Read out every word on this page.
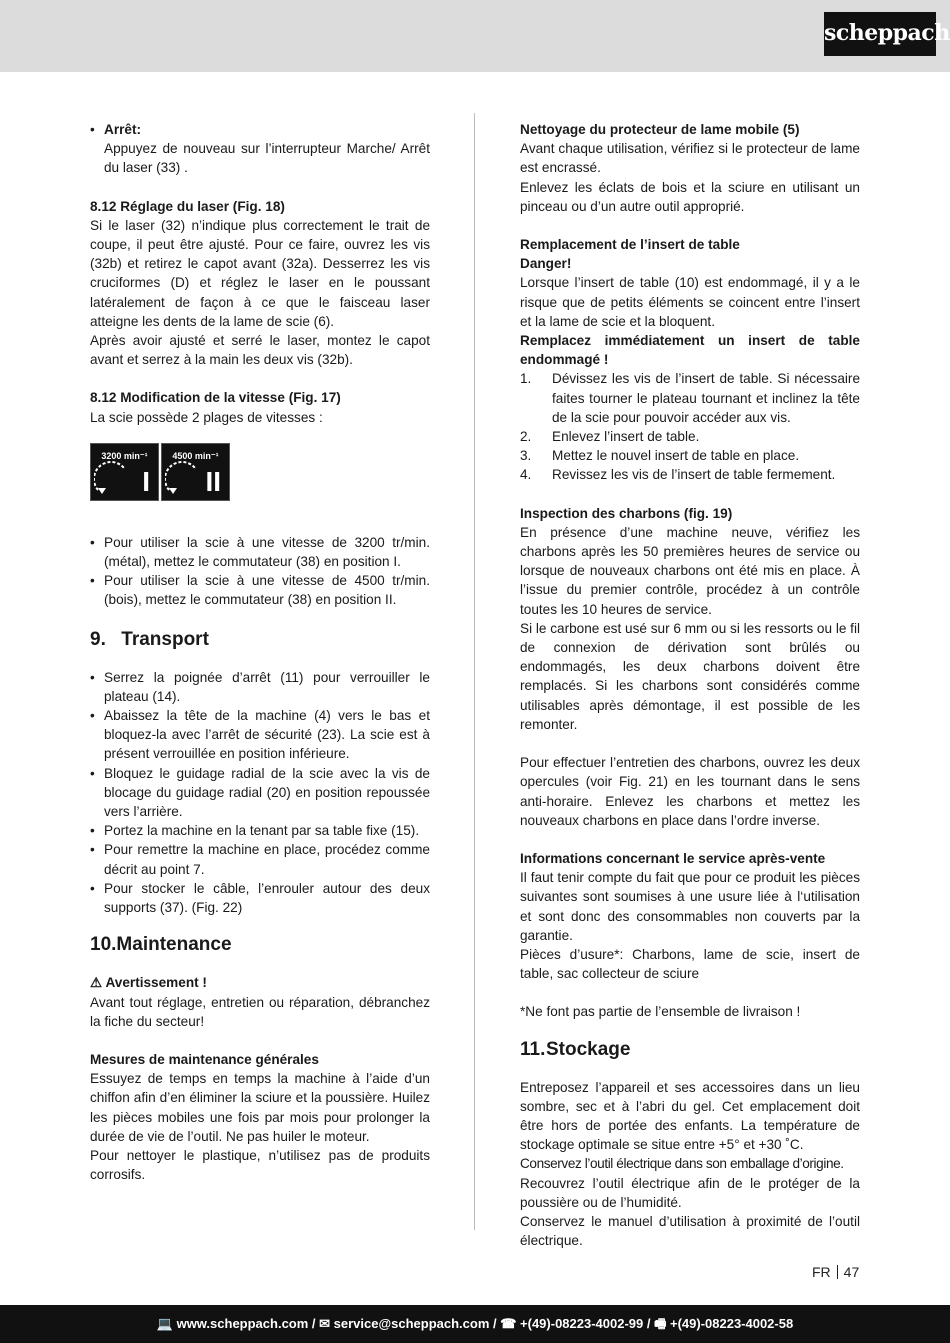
scheppach
• Arrêt:

Appuyez de nouveau sur l’interrupteur Marche/ Arrêt du laser (33) .

8.12 Réglage du laser (Fig. 18)

Si le laser (32) n’indique plus correctement le trait de coupe, il peut être ajusté. Pour ce faire, ouvrez les vis (32b) et retirez le capot avant (32a). Desserrez les vis cruciformes (D) et réglez le laser en le poussant latéralement de façon à ce que le faisceau laser atteigne les dents de la lame de scie (6).

Après avoir ajusté et serré le laser, montez le capot avant et serrez à la main les deux vis (32b).

8.12 Modification de la vitesse (Fig. 17)

La scie possède 2 plages de vitesses :

3200 min⁻¹
I
4500 min⁻¹
II
• Pour utiliser la scie à une vitesse de 3200 tr/min. (métal), mettez le commutateur (38) en position I.
• Pour utiliser la scie à une vitesse de 4500 tr/min. (bois), mettez le commutateur (38) en position II.
9. Transport
• Serrez la poignée d’arrêt (11) pour verrouiller le plateau (14).
• Abaissez la tête de la machine (4) vers le bas et bloquez-la avec l’arrêt de sécurité (23). La scie est à présent verrouillée en position inférieure.
• Bloquez le guidage radial de la scie avec la vis de blocage du guidage radial (20) en position repoussée vers l’arrière.
• Portez la machine en la tenant par sa table fixe (15).
• Pour remettre la machine en place, procédez comme décrit au point 7.
• Pour stocker le câble, l’enrouler autour des deux supports (37). (Fig. 22)
10.Maintenance

⚠ Avertissement !

Avant tout réglage, entretien ou réparation, débranchez la fiche du secteur!

Mesures de maintenance générales

Essuyez de temps en temps la machine à l’aide d’un chiffon afin d’en éliminer la sciure et la poussière. Huilez les pièces mobiles une fois par mois pour prolonger la durée de vie de l’outil. Ne pas huiler le moteur.

Pour nettoyer le plastique, n’utilisez pas de produits corrosifs.

Nettoyage du protecteur de lame mobile (5)

Avant chaque utilisation, vérifiez si le protecteur de lame est encrassé.

Enlevez les éclats de bois et la sciure en utilisant un pinceau ou d’un autre outil approprié.

Remplacement de l’insert de table

Danger!

Lorsque l’insert de table (10) est endommagé, il y a le risque que de petits éléments se coincent entre l’insert et la lame de scie et la bloquent.

Remplacez immédiatement un insert de table endommagé !

1. Dévissez les vis de l’insert de table. Si nécessaire faites tourner le plateau tournant et inclinez la tête de la scie pour pouvoir accéder aux vis.
2. Enlevez l’insert de table.
3. Mettez le nouvel insert de table en place.
4. Revissez les vis de l’insert de table fermement.

Inspection des charbons (fig. 19)

En présence d’une machine neuve, vérifiez les charbons après les 50 premières heures de service ou lorsque de nouveaux charbons ont été mis en place. À l’issue du premier contrôle, procédez à un contrôle toutes les 10 heures de service.

Si le carbone est usé sur 6 mm ou si les ressorts ou le fil de connexion de dérivation sont brûlés ou endommagés, les deux charbons doivent être remplacés. Si les charbons sont considérés comme utilisables après démontage, il est possible de les remonter.

Pour effectuer l’entretien des charbons, ouvrez les deux opercules (voir Fig. 21) en les tournant dans le sens anti-horaire. Enlevez les charbons et mettez les nouveaux charbons en place dans l’ordre inverse.

Informations concernant le service après-vente

Il faut tenir compte du fait que pour ce produit les pièces suivantes sont soumises à une usure liée à l‘utilisation et sont donc des consommables non couverts par la garantie.

Pièces d’usure*: Charbons, lame de scie, insert de table, sac collecteur de sciure

*Ne font pas partie de l’ensemble de livraison !

11.Stockage

Entreposez l’appareil et ses accessoires dans un lieu sombre, sec et à l’abri du gel. Cet emplacement doit être hors de portée des enfants. La température de stockage optimale se situe entre +5° et +30 ˚C.

Conservez l’outil électrique dans son emballage d’origine.

Recouvrez l’outil électrique afin de le protéger de la poussière ou de l’humidité.

Conservez le manuel d’utilisation à proximité de l’outil électrique.

FR 47
💻 www.scheppach.com / ✉ service@scheppach.com / ☎ +(49)-08223-4002-99 / 🖷 +(49)-08223-4002-58
